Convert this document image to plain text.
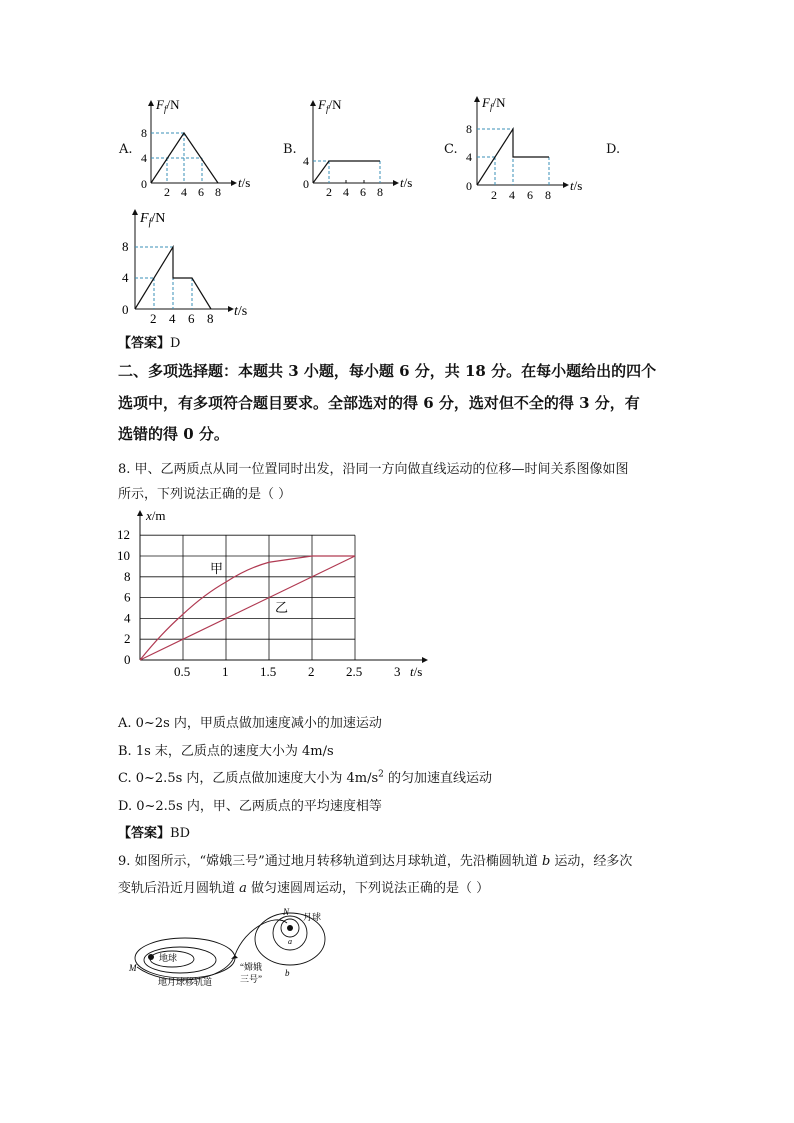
A.	B.	C.	D.
$F_f/N$
t/s
8
4
0
2 4 6 8
$F_f/N$
t/s
4
0
2 4 6 8
$F_f/N$
t/s
8
4
0
2 4 6 8
$F_f/N$
t/s
8
4
0
2 4 6 8
【答案】D
二、多项选择题：本题共 3 小题，每小题 6 分，共 18 分。在每小题给出的四个
选项中，有多项符合题目要求。全部选对的得 6 分，选对但不全的得 3 分，有
选错的得 0 分。
8. 甲、乙两质点从同一位置同时出发，沿同一方向做直线运动的位移—时间关系图像如图
所示，下列说法正确的是（ ）
x/m
t/s
12
10
8
6
4
2
0
0.5 1 1.5 2 2.5 3
甲
乙
A. 0~2s 内，甲质点做加速度减小的加速运动
B. 1s 末，乙质点的速度大小为 4m/s
C. 0~2.5s 内，乙质点做加速度大小为 $4m/s^2$ 的匀加速直线运动
D. 0~2.5s 内，甲、乙两质点的平均速度相等
【答案】BD
9. 如图所示，“嫦娥三号”通过地月转移轨道到达月球轨道，先沿椭圆轨道 b 运动，经多次
变轨后沿近月圆轨道 a 做匀速圆周运动，下列说法正确的是（ ）
M
地球
地月球移轨道
“嫦娥
三号”
N 月球
a
b
